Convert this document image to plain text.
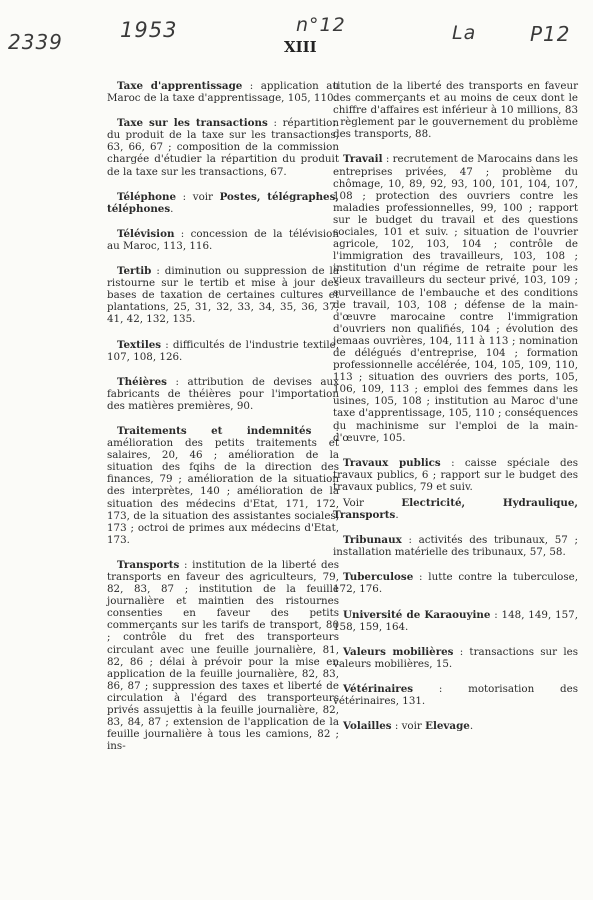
2339	1953	n°12
XIII
La	P12

Taxe d'apprentissage : application au Maroc de la taxe d'apprentissage, 105, 110.

Taxe sur les transactions : répartition du produit de la taxe sur les transactions, 63, 66, 67 ; composition de la commission chargée d'étudier la répartition du produit de la taxe sur les transactions, 67.

Téléphone : voir Postes, télégraphes, téléphones.

Télévision : concession de la télévision au Maroc, 113, 116.

Tertib : diminution ou suppression de la ristourne sur le tertib et mise à jour des bases de taxation de certaines cultures et plantations, 25, 31, 32, 33, 34, 35, 36, 37, 41, 42, 132, 135.

Textiles : difficultés de l'industrie textile, 107, 108, 126.

Théières : attribution de devises aux fabricants de théières pour l'importation des matières premières, 90.

Traitements et indemnités : amélioration des petits traitements et salaires, 20, 46 ; amélioration de la situation des fqihs de la direction des finances, 79 ; amélioration de la situation des interprètes, 140 ; amélioration de la situation des médecins d'Etat, 171, 172, 173, de la situation des assistantes sociales, 173 ; octroi de primes aux médecins d'Etat, 173.

Transports : institution de la liberté des transports en faveur des agriculteurs, 79, 82, 83, 87 ; institution de la feuille journalière et maintien des ristournes consenties en faveur des petits commerçants sur les tarifs de transport, 80 ; contrôle du fret des transporteurs circulant avec une feuille journalière, 81, 82, 86 ; délai à prévoir pour la mise en application de la feuille journalière, 82, 83, 86, 87 ; suppression des taxes et liberté de circulation à l'égard des transporteurs privés assujettis à la feuille journalière, 82, 83, 84, 87 ; extension de l'application de la feuille journalière à tous les camions, 82 ; ins-

titution de la liberté des transports en faveur des commerçants et au moins de ceux dont le chiffre d'affaires est inférieur à 10 millions, 83 ; règlement par le gouvernement du problème des transports, 88.

Travail : recrutement de Marocains dans les entreprises privées, 47 ; problème du chômage, 10, 89, 92, 93, 100, 101, 104, 107, 108 ; protection des ouvriers contre les maladies professionnelles, 99, 100 ; rapport sur le budget du travail et des questions sociales, 101 et suiv. ; situation de l'ouvrier agricole, 102, 103, 104 ; contrôle de l'immigration des travailleurs, 103, 108 ; institution d'un régime de retraite pour les vieux travailleurs du secteur privé, 103, 109 ; surveillance de l'embauche et des conditions de travail, 103, 108 ; défense de la main-d'œuvre marocaine contre l'immigration d'ouvriers non qualifiés, 104 ; évolution des jemaas ouvrières, 104, 111 à 113 ; nomination de délégués d'entreprise, 104 ; formation professionnelle accélérée, 104, 105, 109, 110, 113 ; situation des ouvriers des ports, 105, 106, 109, 113 ; emploi des femmes dans les usines, 105, 108 ; institution au Maroc d'une taxe d'apprentissage, 105, 110 ; conséquences du machinisme sur l'emploi de la main-d'œuvre, 105.

Travaux publics : caisse spéciale des travaux publics, 6 ; rapport sur le budget des travaux publics, 79 et suiv.

Voir Electricité, Hydraulique, Transports.

Tribunaux : activités des tribunaux, 57 ; installation matérielle des tribunaux, 57, 58.

Tuberculose : lutte contre la tuberculose, 172, 176.

Université de Karaouyine : 148, 149, 157, 158, 159, 164.

Valeurs mobilières : transactions sur les valeurs mobilières, 15.

Vétérinaires : motorisation des vétérinaires, 131.

Volailles : voir Elevage.
